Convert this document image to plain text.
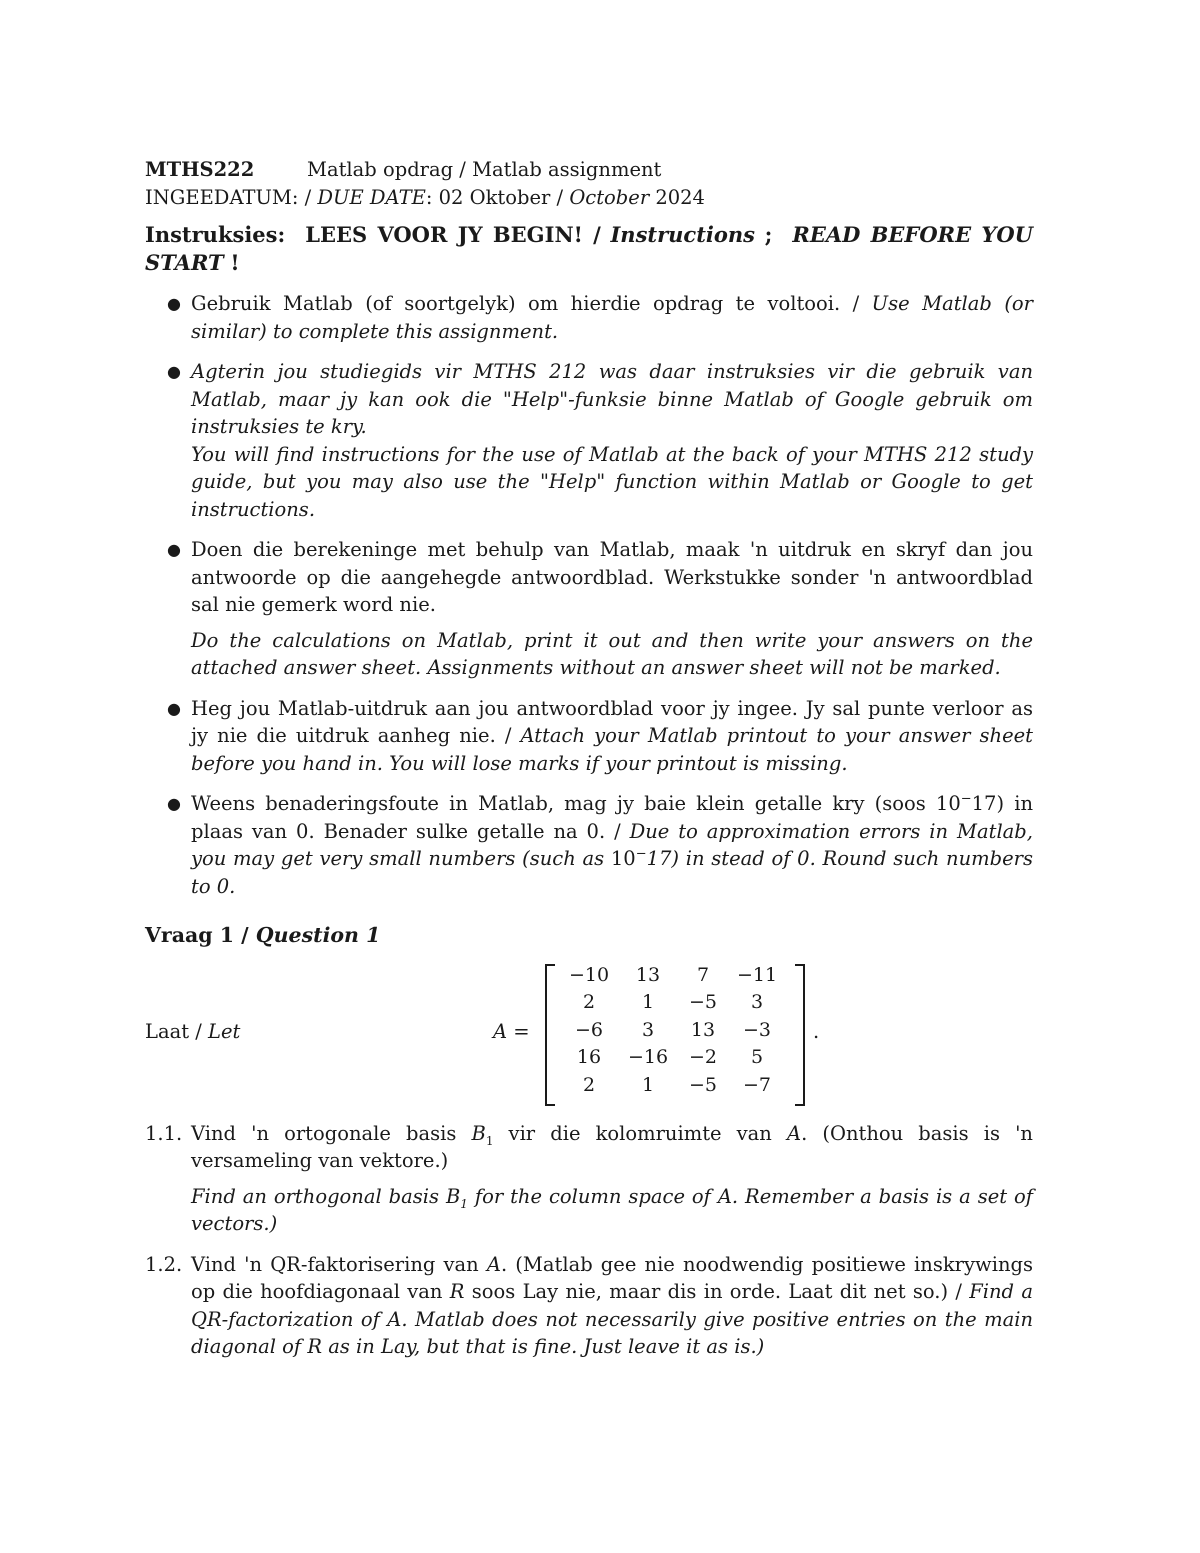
MTHS222	Matlab opdrag / Matlab assignment
INGEEDATUM: / DUE DATE: 02 Oktober / October 2024
Instruksies: LEES VOOR JY BEGIN! / Instructions ; READ BEFORE YOU START !
● Gebruik Matlab (of soortgelyk) om hierdie opdrag te voltooi. / Use Matlab (or similar) to complete this assignment.
● Agterin jou studiegids vir MTHS 212 was daar instruksies vir die gebruik van Matlab, maar jy kan ook die "Help"-funksie binne Matlab of Google gebruik om instruksies te kry.
You will find instructions for the use of Matlab at the back of your MTHS 212 study guide, but you may also use the "Help" function within Matlab or Google to get instructions.
● Doen die berekeninge met behulp van Matlab, maak 'n uitdruk en skryf dan jou antwoorde op die aangehegde antwoordblad. Werkstukke sonder 'n antwoordblad sal nie gemerk word nie.
Do the calculations on Matlab, print it out and then write your answers on the attached answer sheet. Assignments without an answer sheet will not be marked.
● Heg jou Matlab-uitdruk aan jou antwoordblad voor jy ingee. Jy sal punte verloor as jy nie die uitdruk aanheg nie. / Attach your Matlab printout to your answer sheet before you hand in. You will lose marks if your printout is missing.
● Weens benaderingsfoute in Matlab, mag jy baie klein getalle kry (soos 10−17) in plaas van 0. Benader sulke getalle na 0. / Due to approximation errors in Matlab, you may get very small numbers (such as 10−17) in stead of 0. Round such numbers to 0.
Vraag 1 / Question 1
Laat / Let	A =
−10	13	7	−11
2	1	−5	3
−6	3	13	−3
16	−16	−2	5
2	1	−5	−7
.
1.1. Vind 'n ortogonale basis $B_1$ vir die kolomruimte van A. (Onthou basis is 'n versameling van vektore.)
Find an orthogonal basis $B_1$ for the column space of A. Remember a basis is a set of vectors.)
1.2. Vind 'n QR-faktorisering van A. (Matlab gee nie noodwendig positiewe inskrywings op die hoofdiagonaal van R soos Lay nie, maar dis in orde. Laat dit net so.) / Find a QR-factorization of A. Matlab does not necessarily give positive entries on the main diagonal of R as in Lay, but that is fine. Just leave it as is.)
